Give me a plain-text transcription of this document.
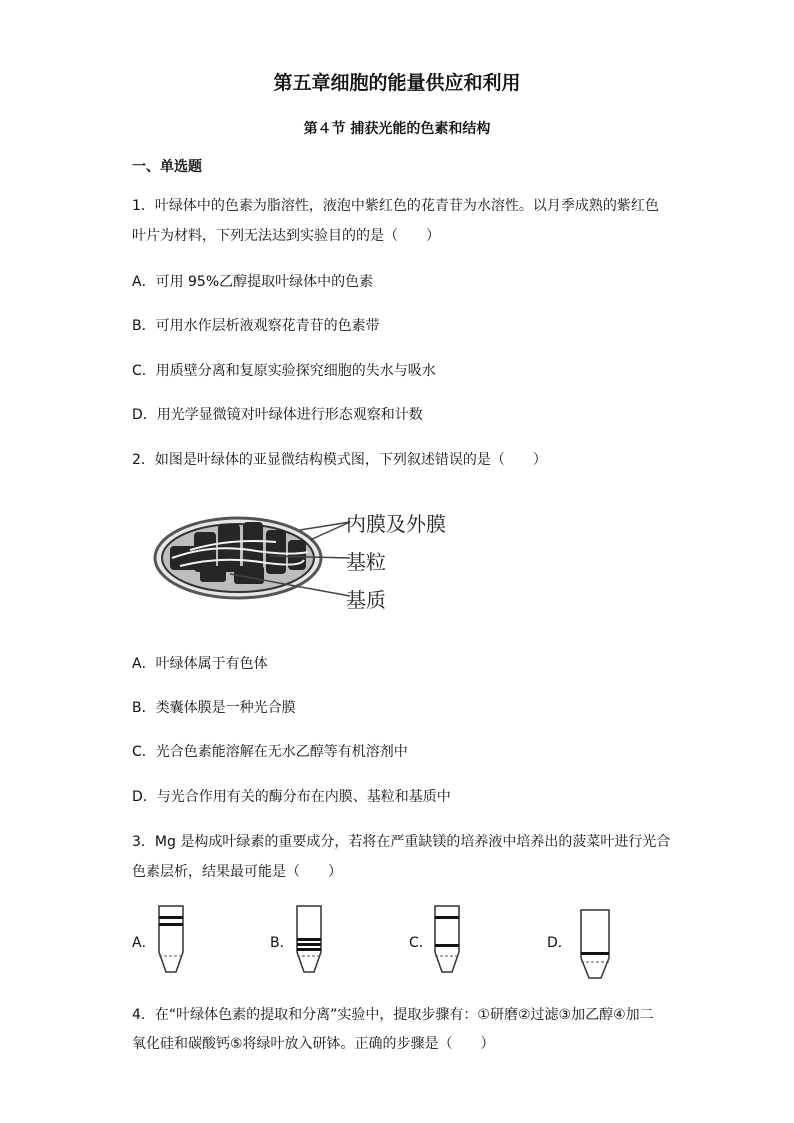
第五章细胞的能量供应和利用
第４节 捕获光能的色素和结构
一、单选题
1．叶绿体中的色素为脂溶性，液泡中紫红色的花青苷为水溶性。以月季成熟的紫红色
叶片为材料，下列无法达到实验目的的是（　　）
A．可用 95%乙醇提取叶绿体中的色素
B．可用水作层析液观察花青苷的色素带
C．用质壁分离和复原实验探究细胞的失水与吸水
D．用光学显微镜对叶绿体进行形态观察和计数
2．如图是叶绿体的亚显微结构模式图，下列叙述错误的是（　　）
内膜及外膜
基粒
基质
A．叶绿体属于有色体
B．类囊体膜是一种光合膜
C．光合色素能溶解在无水乙醇等有机溶剂中
D．与光合作用有关的酶分布在内膜、基粒和基质中
3．Mg 是构成叶绿素的重要成分，若将在严重缺镁的培养液中培养出的菠菜叶进行光合
色素层析，结果最可能是（　　）
A．	B．	C．	D．
4．在“叶绿体色素的提取和分离”实验中，提取步骤有：①研磨②过滤③加乙醇④加二
氧化硅和碳酸钙⑤将绿叶放入研钵。正确的步骤是（　　）
